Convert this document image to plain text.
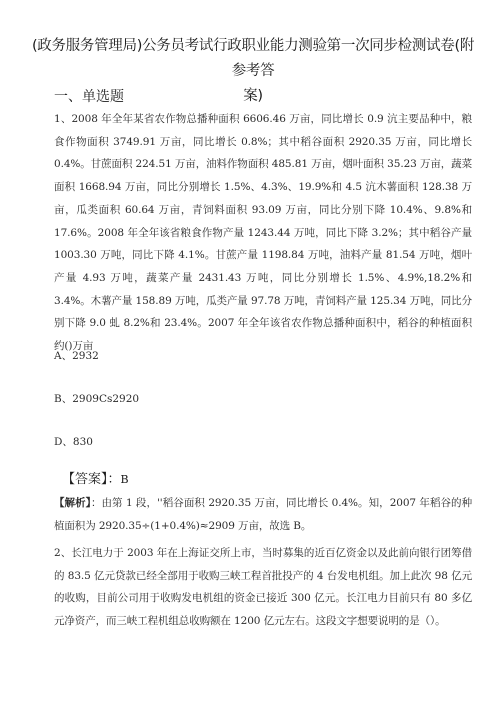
(政务服务管理局)公务员考试行政职业能力测验第一次同步检测试卷(附参考答
案)
一、单选题
1、2008 年全年某省农作物总播种面积 6606.46 万亩，同比增长 0.9 沆主要品种中，粮食作物面积 3749.91 万亩，同比增长 0.8%；其中稻谷面积 2920.35 万亩，同比增长 0.4%。甘蔗面积 224.51 万亩，油料作物面积 485.81 万亩，烟叶面积 35.23 万亩，蔬菜面积 1668.94 万亩，同比分别增长 1.5%、4.3%、19.9%和 4.5 沆木薯面积 128.38 万亩，瓜类面积 60.64 万亩，青饲料面积 93.09 万亩，同比分别下降 10.4%、9.8%和 17.6%。2008 年全年该省粮食作物产量 1243.44 万吨，同比下降 3.2%；其中稻谷产量 1003.30 万吨，同比下降 4.1%。甘蔗产量 1198.84 万吨，油料产量 81.54 万吨，烟叶产量 4.93 万吨，蔬菜产量 2431.43 万吨，同比分别增长 1.5%、4.9%,18.2%和 3.4%。木薯产量 158.89 万吨，瓜类产量 97.78 万吨，青饲料产量 125.34 万吨，同比分别下降 9.0 虬 8.2%和 23.4%。2007 年全年该省农作物总播种面积中，稻谷的种植面积约()万亩
A、2932
B、2909Cs2920
D、830
【答案】：B
【解析】：由第 1 段，''稻谷面积 2920.35 万亩，同比增长 0.4%。知，2007 年稻谷的种植面积为 2920.35÷(1+0.4%)≈2909 万亩，故选 B。
2、长江电力于 2003 年在上海证交所上市，当时募集的近百亿资金以及此前向银行团筹借的 83.5 亿元贷款已经全部用于收购三峡工程首批投产的 4 台发电机组。加上此次 98 亿元的收购，目前公司用于收购发电机组的资金已接近 300 亿元。长江电力目前只有 80 多亿元净资产，而三峡工程机组总收购额在 1200 亿元左右。这段文字想要说明的是（）。
